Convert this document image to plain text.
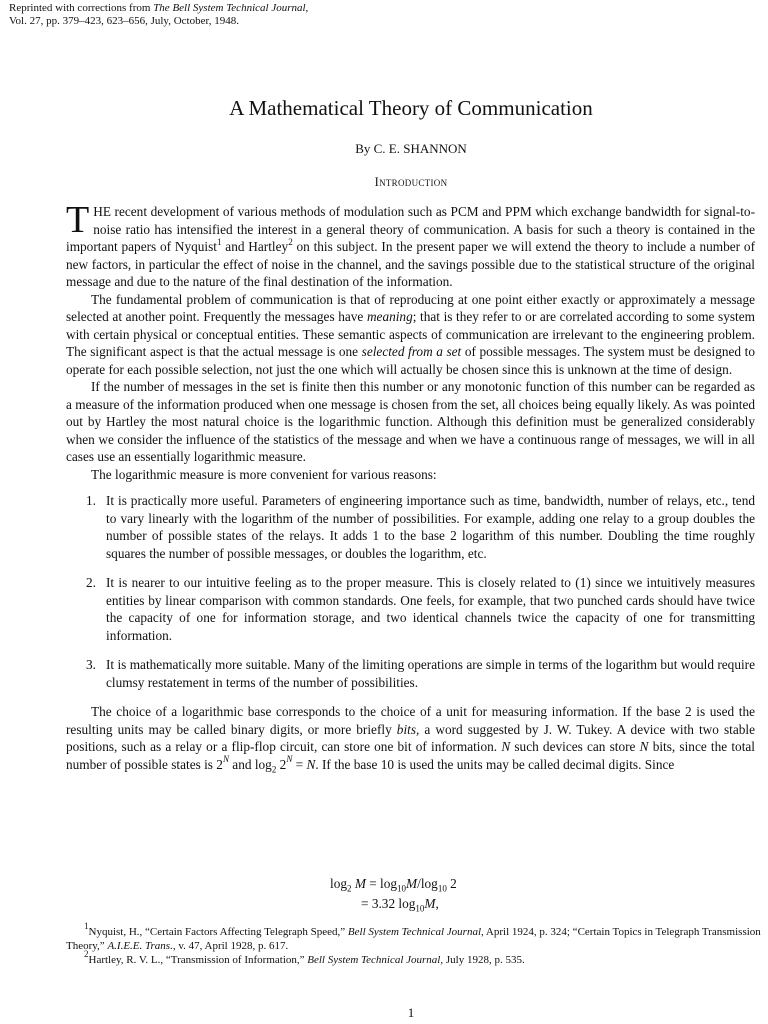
Reprinted with corrections from The Bell System Technical Journal,
Vol. 27, pp. 379–423, 623–656, July, October, 1948.
A Mathematical Theory of Communication
By C. E. SHANNON
Introduction

THE recent development of various methods of modulation such as PCM and PPM which exchange bandwidth for signal-to-noise ratio has intensified the interest in a general theory of communication. A basis for such a theory is contained in the important papers of Nyquist$^1$ and Hartley$^2$ on this subject. In the present paper we will extend the theory to include a number of new factors, in particular the effect of noise in the channel, and the savings possible due to the statistical structure of the original message and due to the nature of the final destination of the information.

The fundamental problem of communication is that of reproducing at one point either exactly or approximately a message selected at another point. Frequently the messages have meaning; that is they refer to or are correlated according to some system with certain physical or conceptual entities. These semantic aspects of communication are irrelevant to the engineering problem. The significant aspect is that the actual message is one selected from a set of possible messages. The system must be designed to operate for each possible selection, not just the one which will actually be chosen since this is unknown at the time of design.

If the number of messages in the set is finite then this number or any monotonic function of this number can be regarded as a measure of the information produced when one message is chosen from the set, all choices being equally likely. As was pointed out by Hartley the most natural choice is the logarithmic function. Although this definition must be generalized considerably when we consider the influence of the statistics of the message and when we have a continuous range of messages, we will in all cases use an essentially logarithmic measure.

The logarithmic measure is more convenient for various reasons:

1. It is practically more useful. Parameters of engineering importance such as time, bandwidth, number of relays, etc., tend to vary linearly with the logarithm of the number of possibilities. For example, adding one relay to a group doubles the number of possible states of the relays. It adds 1 to the base 2 logarithm of this number. Doubling the time roughly squares the number of possible messages, or doubles the logarithm, etc.
2. It is nearer to our intuitive feeling as to the proper measure. This is closely related to (1) since we intuitively measures entities by linear comparison with common standards. One feels, for example, that two punched cards should have twice the capacity of one for information storage, and two identical channels twice the capacity of one for transmitting information.
3. It is mathematically more suitable. Many of the limiting operations are simple in terms of the logarithm but would require clumsy restatement in terms of the number of possibilities.

The choice of a logarithmic base corresponds to the choice of a unit for measuring information. If the base 2 is used the resulting units may be called binary digits, or more briefly bits, a word suggested by J. W. Tukey. A device with two stable positions, such as a relay or a flip-flop circuit, can store one bit of information. N such devices can store N bits, since the total number of possible states is $2^N$ and $\log_2 2^N = N$. If the base 10 is used the units may be called decimal digits. Since

$\log_2 M = \log_{10}M/\log_{10}$ 2
= 3.32 $\log_{10}M$,
$^1$Nyquist, H., “Certain Factors Affecting Telegraph Speed,” Bell System Technical Journal, April 1924, p. 324; “Certain Topics in Telegraph Transmission Theory,” A.I.E.E. Trans., v. 47, April 1928, p. 617.
$^2$Hartley, R. V. L., “Transmission of Information,” Bell System Technical Journal, July 1928, p. 535.
1
